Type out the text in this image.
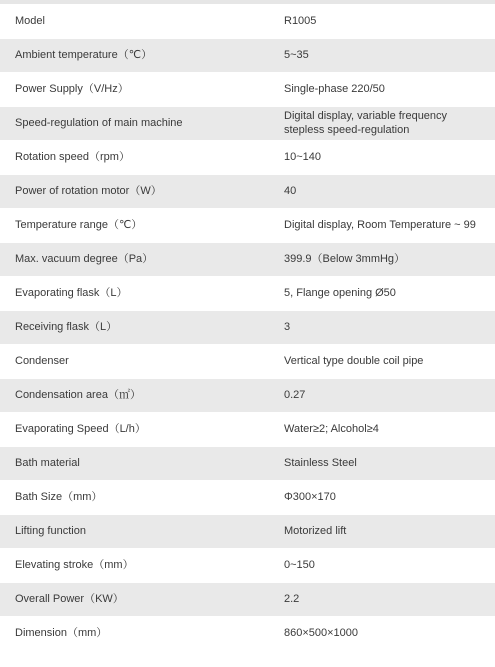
Model	R1005
Ambient temperature（℃）	5~35
Power Supply（V/Hz）	Single-phase 220/50
Speed-regulation of main machine	Digital display, variable frequency stepless speed-regulation
Rotation speed（rpm）	10~140
Power of rotation motor（W）	40
Temperature range（℃）	Digital display, Room Temperature ~ 99
Max. vacuum degree（Pa）	399.9（Below 3mmHg）
Evaporating flask（L）	5, Flange opening Ø50
Receiving flask（L）	3
Condenser	Vertical type double coil pipe
Condensation area（㎡）	0.27
Evaporating Speed（L/h）	Water≥2; Alcohol≥4
Bath material	Stainless Steel
Bath Size（mm）	Φ300×170
Lifting function	Motorized lift
Elevating stroke（mm）	0~150
Overall Power（KW）	2.2
Dimension（mm）	860×500×1000
